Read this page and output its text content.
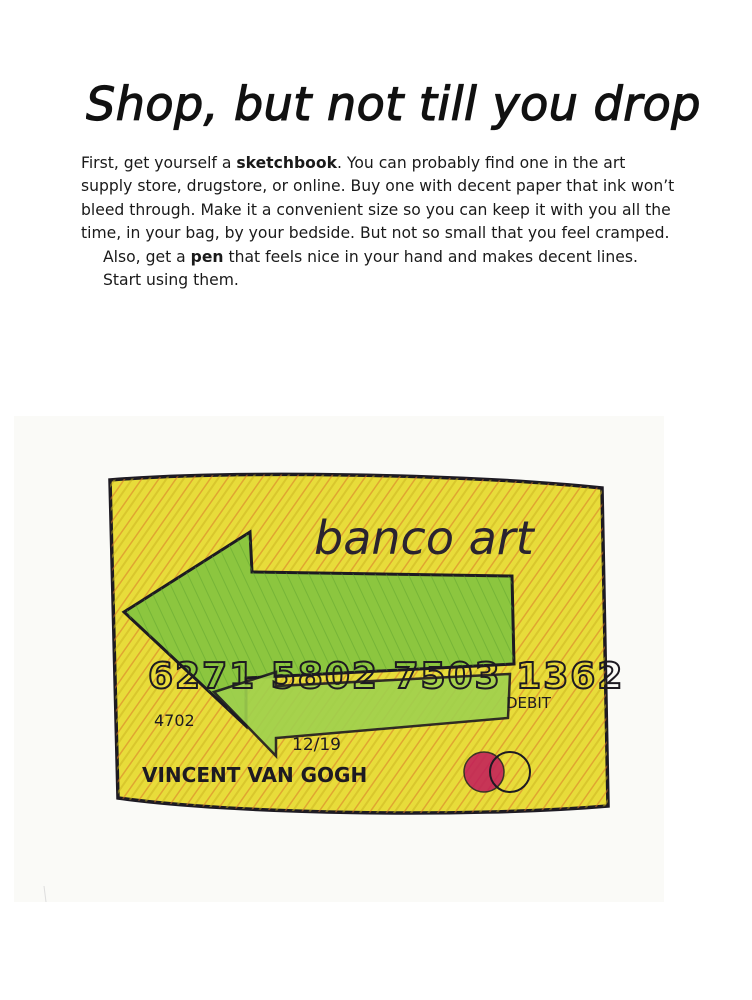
Shop, but not till you drop

First, get yourself a sketchbook. You can probably find one in the art supply store, drugstore, or online. Buy one with decent paper that ink won’t bleed through. Make it a convenient size so you can keep it with you all the time, in your bag, by your bedside. But not so small that you feel cramped.

Also, get a pen that feels nice in your hand and makes decent lines.

Start using them.

banco art
6271 5802 7503 1362
DEBIT
4702
12/19
VINCENT VAN GOGH
